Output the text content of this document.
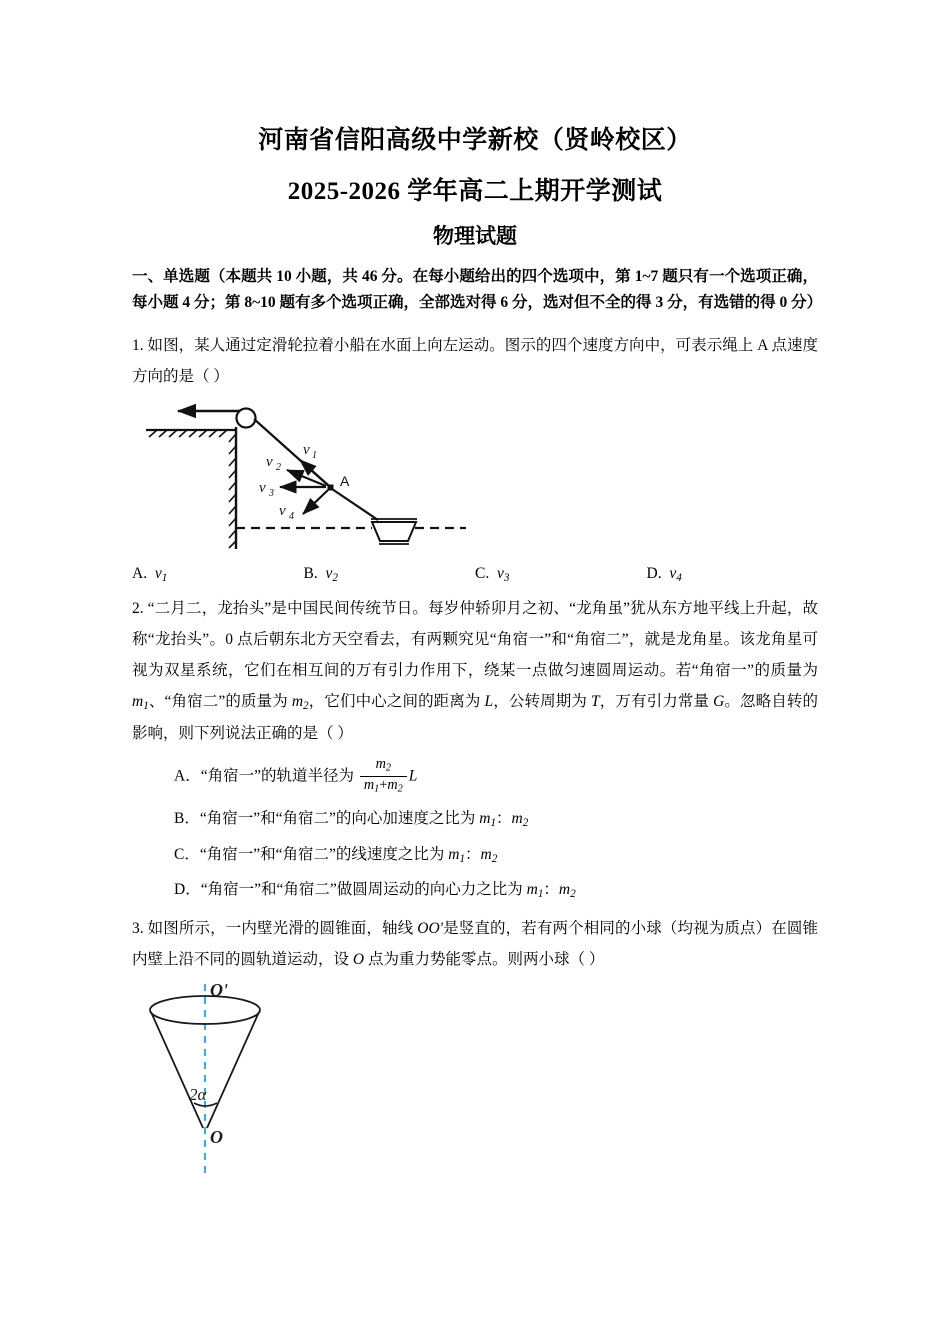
河南省信阳高级中学新校（贤岭校区）
2025-2026 学年高二上期开学测试
物理试题

一、单选题（本题共 10 小题，共 46 分。在每小题给出的四个选项中，第 1~7 题只有一个选项正确，每小题 4 分；第 8~10 题有多个选项正确，全部选对得 6 分，选对但不全的得 3 分，有选错的得 0 分）

1. 如图，某人通过定滑轮拉着小船在水面上向左运动。图示的四个速度方向中，可表示绳上 A 点速度方向的是（ ）

A
v 1
v 2
v 3
v 4
A. $v_1$	B. $v_2$	C. $v_3$	D. $v_4$

2. “二月二，龙抬头”是中国民间传统节日。每岁仲轿卯月之初、“龙角虽”犹从东方地平线上升起，故称“龙抬头”。0 点后朝东北方天空看去，有两颗究见“角宿一”和“角宿二”，就是龙角星。该龙角星可视为双星系统，它们在相互间的万有引力作用下，绕某一点做匀速圆周运动。若“角宿一”的质量为 $m_1$、“角宿二”的质量为 $m_2$，它们中心之间的距离为 L，公转周期为 T，万有引力常量 G。忽略自转的影响，则下列说法正确的是（ ）

A．“角宿一”的轨道半径为 $\frac{m_2}{m_1+m_2}$ L
B．“角宿一”和“角宿二”的向心加速度之比为 $m_1$：$m_2$
C．“角宿一”和“角宿二”的线速度之比为 $m_1$：$m_2$
D．“角宿一”和“角宿二”做圆周运动的向心力之比为 $m_1$：$m_2$

3. 如图所示，一内壁光滑的圆锥面，轴线 OO'是竖直的，若有两个相同的小球（均视为质点）在圆锥内壁上沿不同的圆轨道运动，设 O 点为重力势能零点。则两小球（ ）

2α
Oʹ
O
